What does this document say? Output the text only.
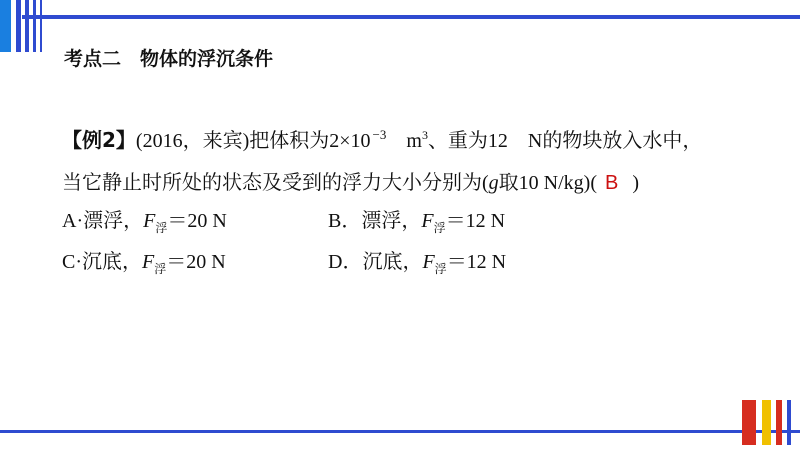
考点二　物体的浮沉条件
【例2】(2016，来宾)把体积为2×10 $^{-3}$　$m^3$、重为12　N的物块放入水中，
当它静止时所处的状态及受到的浮力大小分别为(g取10 N/kg)( B )
A·漂浮，$F_浮=20$ N	B．漂浮，$F_浮=12$ N
C·沉底，$F_浮=20$ N	D．沉底，$F_浮=12$ N
